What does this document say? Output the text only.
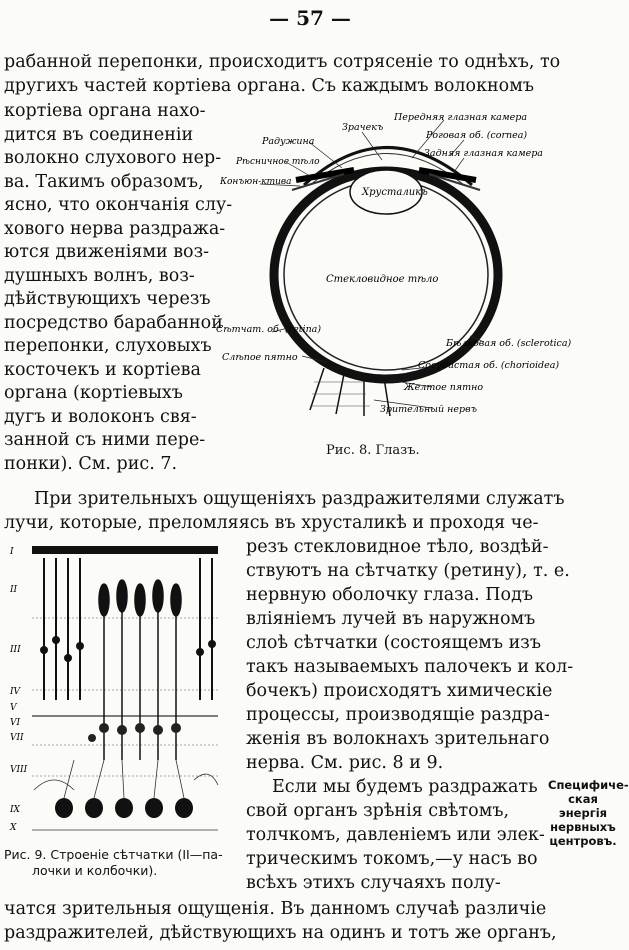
— 57 —
рабанной перепонки, происходитъ сотрясенiе то однѣхъ, то
другихъ частей кортiева органа. Съ каждымъ волокномъ
кортiева органа нахо-
дится въ соединенiи
волокно слухового нер-
ва. Такимъ образомъ,
ясно, что окончанiя слу-
хового нерва раздража-
ются движенiями воз-
душныхъ волнъ, воз-
дѣйствующихъ черезъ
посредство барабанной
перепонки, слуховыхъ
косточекъ и кортiева
органа (кортiевыхъ
дугъ и волоконъ свя-
занной съ ними пере-
понки). См. рис. 7.
Зрачекъ
Передняя глазная камера
Радужина
Роговая об. (cornea)
Рѣсничное тѣло
Задняя глазная камера
Конъюн-ктива
Хрусталикъ
Стекловидное тѣло
Сѣтчат. об. (retina)
Бѣлковая об. (sclerotica)
Слѣпое пятно
Сосудистая об. (chorioidea)
Желтое пятно
Зрительный нервъ
Рис. 8. Глазъ.
При зрительныхъ ощущенiяхъ раздражителями служатъ
лучи, которые, преломляясь въ хрусталикѣ и проходя че-
I
II
III
IV
V
VI
VII
VIII
IX
X
Рис. 9. Строенiе сѣтчатки (II—па-
лочки и колбочки).
резъ стекловидное тѣло, воздѣй-
ствуютъ на сѣтчатку (ретину), т. е.
нервную оболочку глаза. Подъ
влiянiемъ лучей въ наружномъ
слоѣ сѣтчатки (состоящемъ изъ
такъ называемыхъ палочекъ и кол-
бочекъ) происходятъ химическiе
процессы, производящiе раздра-
женiя въ волокнахъ зрительнаго
нерва. См. рис. 8 и 9.
Если мы будемъ раздражать
свой органъ зрѣнiя свѣтомъ,
толчкомъ, давленiемъ или элек-
трическимъ токомъ,—у насъ во
всѣхъ этихъ случаяхъ полу-
Специфиче-
ская энергiя
нервныхъ
центровъ.
чатся зрительныя ощущенiя. Въ данномъ случаѣ различiе
раздражителей, дѣйствующихъ на одинъ и тотъ же органъ,
